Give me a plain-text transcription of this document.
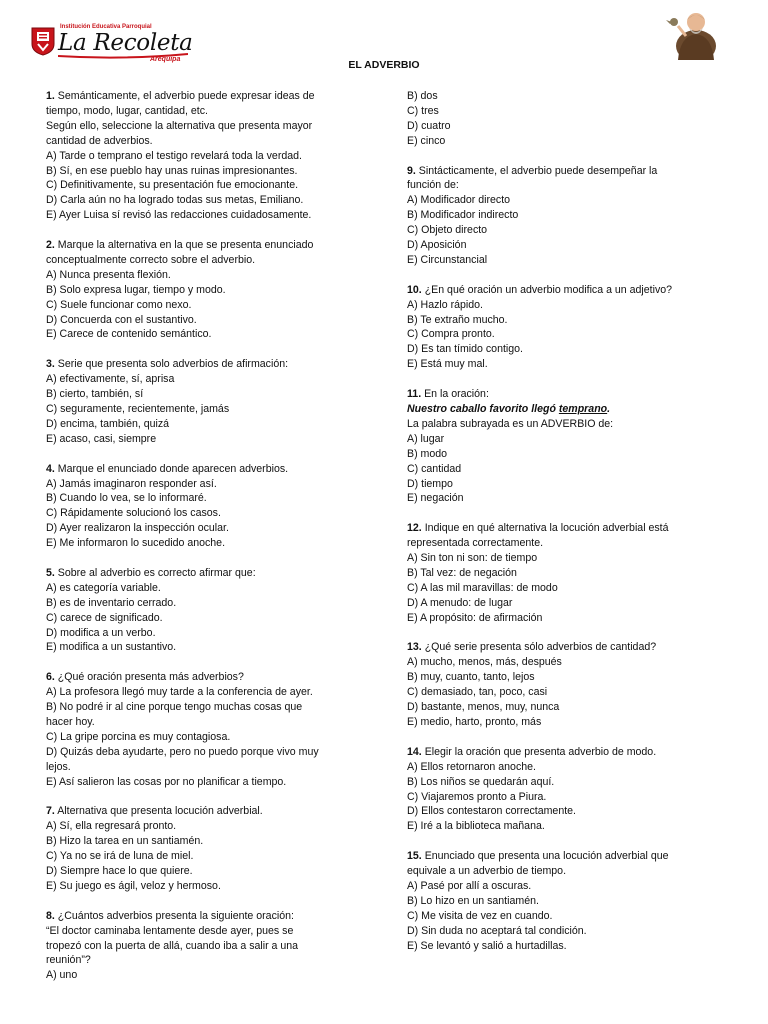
Institución Educativa Parroquial
La Recoleta
Arequipa	EL ADVERBIO
1. Semánticamente, el adverbio puede expresar ideas de
tiempo, modo, lugar, cantidad, etc.
Según ello, seleccione la alternativa que presenta mayor
cantidad de adverbios.
A) Tarde o temprano el testigo revelará toda la verdad.
B) Sí, en ese pueblo hay unas ruinas impresionantes.
C) Definitivamente, su presentación fue emocionante.
D) Carla aún no ha logrado todas sus metas, Emiliano.
E) Ayer Luisa sí revisó las redacciones cuidadosamente.
2. Marque la alternativa en la que se presenta enunciado
conceptualmente correcto sobre el adverbio.
A) Nunca presenta flexión.
B) Solo expresa lugar, tiempo y modo.
C) Suele funcionar como nexo.
D) Concuerda con el sustantivo.
E) Carece de contenido semántico.
3. Serie que presenta solo adverbios de afirmación:
A) efectivamente, sí, aprisa
B) cierto, también, sí
C) seguramente, recientemente, jamás
D) encima, también, quizá
E) acaso, casi, siempre
4. Marque el enunciado donde aparecen adverbios.
A) Jamás imaginaron responder así.
B) Cuando lo vea, se lo informaré.
C) Rápidamente solucionó los casos.
D) Ayer realizaron la inspección ocular.
E) Me informaron lo sucedido anoche.
5. Sobre al adverbio es correcto afirmar que:
A) es categoría variable.
B) es de inventario cerrado.
C) carece de significado.
D) modifica a un verbo.
E) modifica a un sustantivo.
6. ¿Qué oración presenta más adverbios?
A) La profesora llegó muy tarde a la conferencia de ayer.
B) No podré ir al cine porque tengo muchas cosas que
hacer hoy.
C) La gripe porcina es muy contagiosa.
D) Quizás deba ayudarte, pero no puedo porque vivo muy
lejos.
E) Así salieron las cosas por no planificar a tiempo.
7. Alternativa que presenta locución adverbial.
A) Sí, ella regresará pronto.
B) Hizo la tarea en un santiamén.
C) Ya no se irá de luna de miel.
D) Siempre hace lo que quiere.
E) Su juego es ágil, veloz y hermoso.
8. ¿Cuántos adverbios presenta la siguiente oración:
“El doctor caminaba lentamente desde ayer, pues se
tropezó con la puerta de allá, cuando iba a salir a una
reunión”?
A) uno
B) dos
C) tres
D) cuatro
E) cinco
9. Sintácticamente, el adverbio puede desempeñar la
función de:
A) Modificador directo
B) Modificador indirecto
C) Objeto directo
D) Aposición
E) Circunstancial
10. ¿En qué oración un adverbio modifica a un adjetivo?
A) Hazlo rápido.
B) Te extraño mucho.
C) Compra pronto.
D) Es tan tímido contigo.
E) Está muy mal.
11. En la oración:
Nuestro caballo favorito llegó temprano.
La palabra subrayada es un ADVERBIO de:
A) lugar
B) modo
C) cantidad
D) tiempo
E) negación
12. Indique en qué alternativa la locución adverbial está
representada correctamente.
A) Sin ton ni son: de tiempo
B) Tal vez: de negación
C) A las mil maravillas: de modo
D) A menudo: de lugar
E) A propósito: de afirmación
13. ¿Qué serie presenta sólo adverbios de cantidad?
A) mucho, menos, más, después
B) muy, cuanto, tanto, lejos
C) demasiado, tan, poco, casi
D) bastante, menos, muy, nunca
E) medio, harto, pronto, más
14. Elegir la oración que presenta adverbio de modo.
A) Ellos retornaron anoche.
B) Los niños se quedarán aquí.
C) Viajaremos pronto a Piura.
D) Ellos contestaron correctamente.
E) Iré a la biblioteca mañana.
15. Enunciado que presenta una locución adverbial que
equivale a un adverbio de tiempo.
A) Pasé por allí a oscuras.
B) Lo hizo en un santiamén.
C) Me visita de vez en cuando.
D) Sin duda no aceptará tal condición.
E) Se levantó y salió a hurtadillas.
